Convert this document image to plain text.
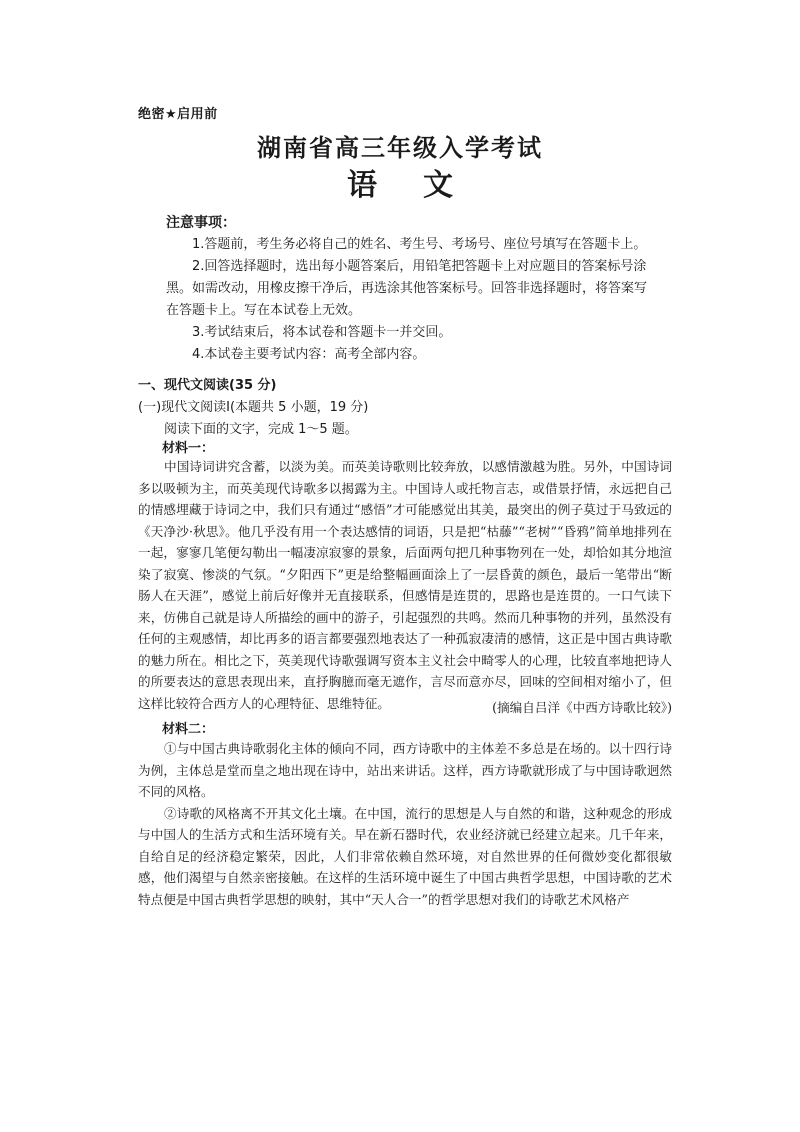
绝密★启用前
湖南省高三年级入学考试
语文
注意事项：

1.答题前，考生务必将自己的姓名、考生号、考场号、座位号填写在答题卡上。

2.回答选择题时，选出每小题答案后，用铅笔把答题卡上对应题目的答案标号涂黑。如需改动，用橡皮擦干净后，再选涂其他答案标号。回答非选择题时，将答案写在答题卡上。写在本试卷上无效。

3.考试结束后，将本试卷和答题卡一并交回。

4.本试卷主要考试内容：高考全部内容。

一、现代文阅读(35 分)
(一)现代文阅读Ⅰ(本题共 5 小题，19 分)
阅读下面的文字，完成 1～5 题。
材料一：

中国诗词讲究含蓄，以淡为美。而英美诗歌则比较奔放，以感情激越为胜。另外，中国诗词多以吸顿为主，而英美现代诗歌多以揭露为主。中国诗人或托物言志，或借景抒情，永远把自己的情感埋藏于诗词之中，我们只有通过“感悟”才可能感觉出其美，最突出的例子莫过于马致远的《天净沙·秋思》。他几乎没有用一个表达感情的词语，只是把“枯藤”“老树”“昏鸦”简单地排列在一起，寥寥几笔便勾勒出一幅凄凉寂寥的景象，后面两句把几种事物列在一处，却恰如其分地渲染了寂寞、惨淡的气氛。“夕阳西下”更是给整幅画面涂上了一层昏黄的颜色，最后一笔带出“断肠人在天涯”，感觉上前后好像并无直接联系，但感情是连贯的，思路也是连贯的。一口气读下来，仿佛自己就是诗人所描绘的画中的游子，引起强烈的共鸣。然而几种事物的并列，虽然没有任何的主观感情，却比再多的语言都要强烈地表达了一种孤寂凄清的感情，这正是中国古典诗歌的魅力所在。相比之下，英美现代诗歌强调写资本主义社会中畸零人的心理，比较直率地把诗人的所要表达的意思表现出来，直抒胸臆而毫无遮作，言尽而意亦尽，回味的空间相对缩小了，但这样比较符合西方人的心理特征、思维特征。	(摘编自吕洋《中西方诗歌比较》)
材料二：

①与中国古典诗歌弱化主体的倾向不同，西方诗歌中的主体差不多总是在场的。以十四行诗为例，主体总是堂而皇之地出现在诗中，站出来讲话。这样，西方诗歌就形成了与中国诗歌迥然不同的风格。

②诗歌的风格离不开其文化土壤。在中国，流行的思想是人与自然的和谐，这种观念的形成与中国人的生活方式和生活环境有关。早在新石器时代，农业经济就已经建立起来。几千年来，自给自足的经济稳定繁荣，因此，人们非常依赖自然环境，对自然世界的任何微妙变化都很敏感，他们渴望与自然亲密接触。在这样的生活环境中诞生了中国古典哲学思想，中国诗歌的艺术特点便是中国古典哲学思想的映射，其中“天人合一”的哲学思想对我们的诗歌艺术风格产
